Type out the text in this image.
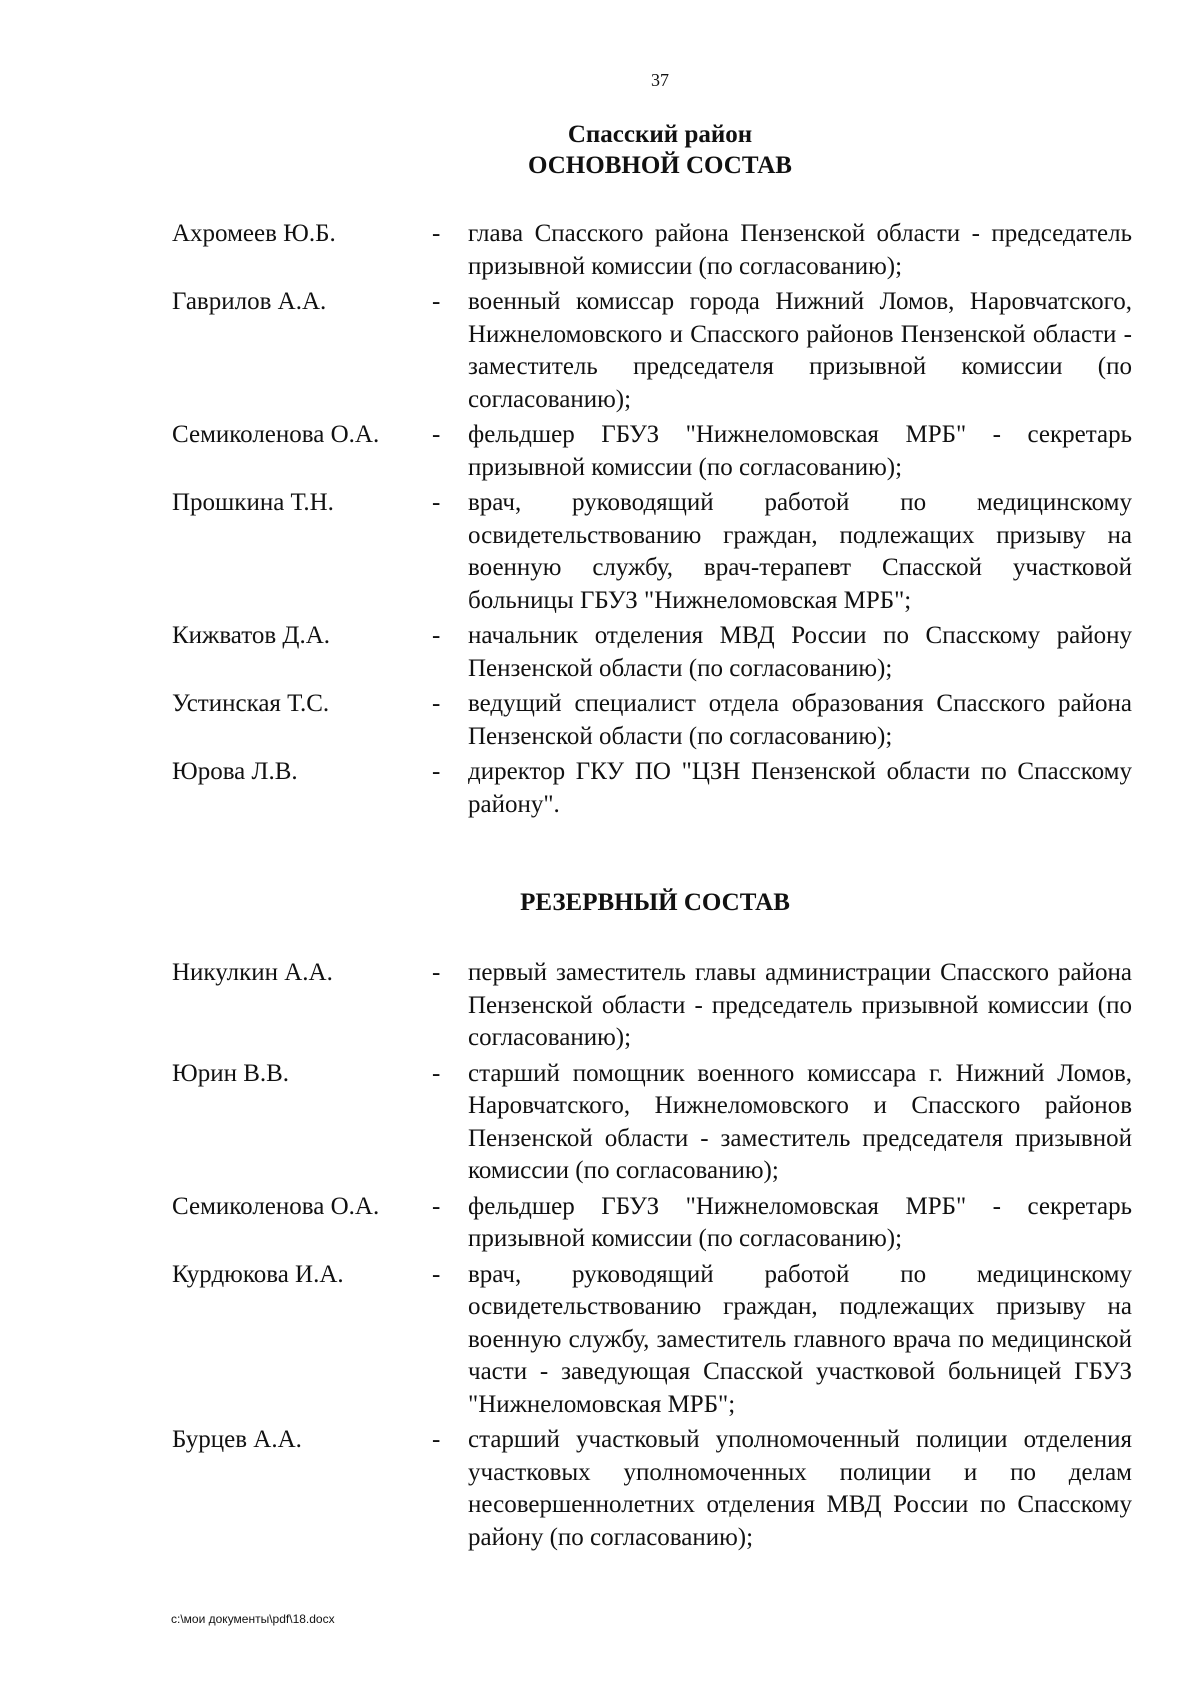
37
Спасский район
ОСНОВНОЙ СОСТАВ
Ахромеев Ю.Б.	-	глава Спасского района Пензенской области - председатель призывной комиссии (по согласованию);
Гаврилов А.А.	-	военный комиссар города Нижний Ломов, Наровчатского, Нижнеломовского и Спасского районов Пензенской области - заместитель председателя призывной комиссии (по согласованию);
Семиколенова О.А.	-	фельдшер ГБУЗ "Нижнеломовская МРБ" - секретарь призывной комиссии (по согласованию);
Прошкина Т.Н.	-	врач, руководящий работой по медицинскому освидетельствованию граждан, подлежащих призыву на военную службу, врач-терапевт Спасской участковой больницы ГБУЗ "Нижнеломовская МРБ";
Кижватов Д.А.	-	начальник отделения МВД России по Спасскому району Пензенской области (по согласованию);
Устинская Т.С.	-	ведущий специалист отдела образования Спасского района Пензенской области (по согласованию);
Юрова Л.В.	-	директор ГКУ ПО "ЦЗН Пензенской области по Спасскому району".
РЕЗЕРВНЫЙ СОСТАВ
Никулкин А.А.	-	первый заместитель главы администрации Спасского района Пензенской области - председатель призывной комиссии (по согласованию);
Юрин В.В.	-	старший помощник военного комиссара г. Нижний Ломов, Наровчатского, Нижнеломовского и Спасского районов Пензенской области - заместитель председателя призывной комиссии (по согласованию);
Семиколенова О.А.	-	фельдшер ГБУЗ "Нижнеломовская МРБ" - секретарь призывной комиссии (по согласованию);
Курдюкова И.А.	-	врач, руководящий работой по медицинскому освидетельствованию граждан, подлежащих призыву на военную службу, заместитель главного врача по медицинской части - заведующая Спасской участковой больницей ГБУЗ "Нижнеломовская МРБ";
Бурцев А.А.	-	старший участковый уполномоченный полиции отделения участковых уполномоченных полиции и по делам несовершеннолетних отделения МВД России по Спасскому району (по согласованию);
c:\мои документы\pdf\18.docx
